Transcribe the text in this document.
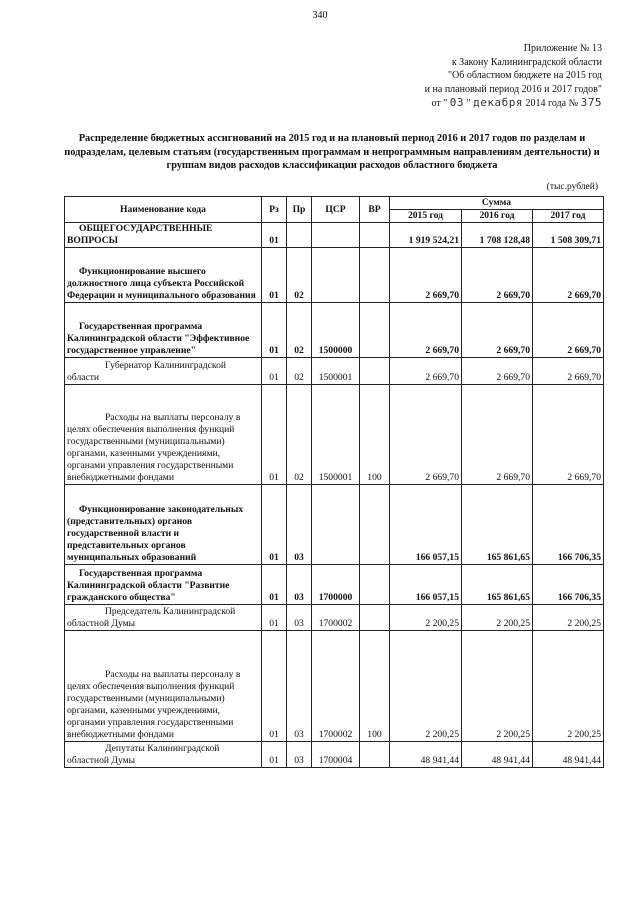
340
Приложение № 13
к Закону Калининградской области
"Об областном бюджете на 2015 год
и на плановый период 2016 и 2017 годов"
от " 03 " декабря 2014 года № 375
Распределение бюджетных ассигнований на 2015 год и на плановый период 2016 и 2017 годов по разделам и подразделам, целевым статьям (государственным программам и непрограммным направлениям деятельности) и группам видов расходов классификации расходов областного бюджета
(тыс.рублей)
Наименование кода	Рз	Пр	ЦСР	ВР	Сумма		
					2015 год	2016 год	2017 год
ОБЩЕГОСУДАРСТВЕННЫЕ ВОПРОСЫ	01				1 919 524,21	1 708 128,48	1 508 309,71
Функционирование высшего должностного лица субъекта Российской Федерации и муниципального образования	01	02			2 669,70	2 669,70	2 669,70
Государственная программа Калининградской области "Эффективное государственное управление"	01	02	1500000		2 669,70	2 669,70	2 669,70
Губернатор Калининградской области	01	02	1500001		2 669,70	2 669,70	2 669,70
Расходы на выплаты персоналу в целях обеспечения выполнения функций государственными (муниципальными) органами, казенными учреждениями, органами управления государственными внебюджетными фондами	01	02	1500001	100	2 669,70	2 669,70	2 669,70
Функционирование законодательных (представительных) органов государственной власти и представительных органов муниципальных образований	01	03			166 057,15	165 861,65	166 706,35
Государственная программа Калининградской области "Развитие гражданского общества"	01	03	1700000		166 057,15	165 861,65	166 706,35
Председатель Калининградской областной Думы	01	03	1700002		2 200,25	2 200,25	2 200,25
Расходы на выплаты персоналу в целях обеспечения выполнения функций государственными (муниципальными) органами, казенными учреждениями, органами управления государственными внебюджетными фондами	01	03	1700002	100	2 200,25	2 200,25	2 200,25
Депутаты Калининградской областной Думы	01	03	1700004		48 941,44	48 941,44	48 941,44
